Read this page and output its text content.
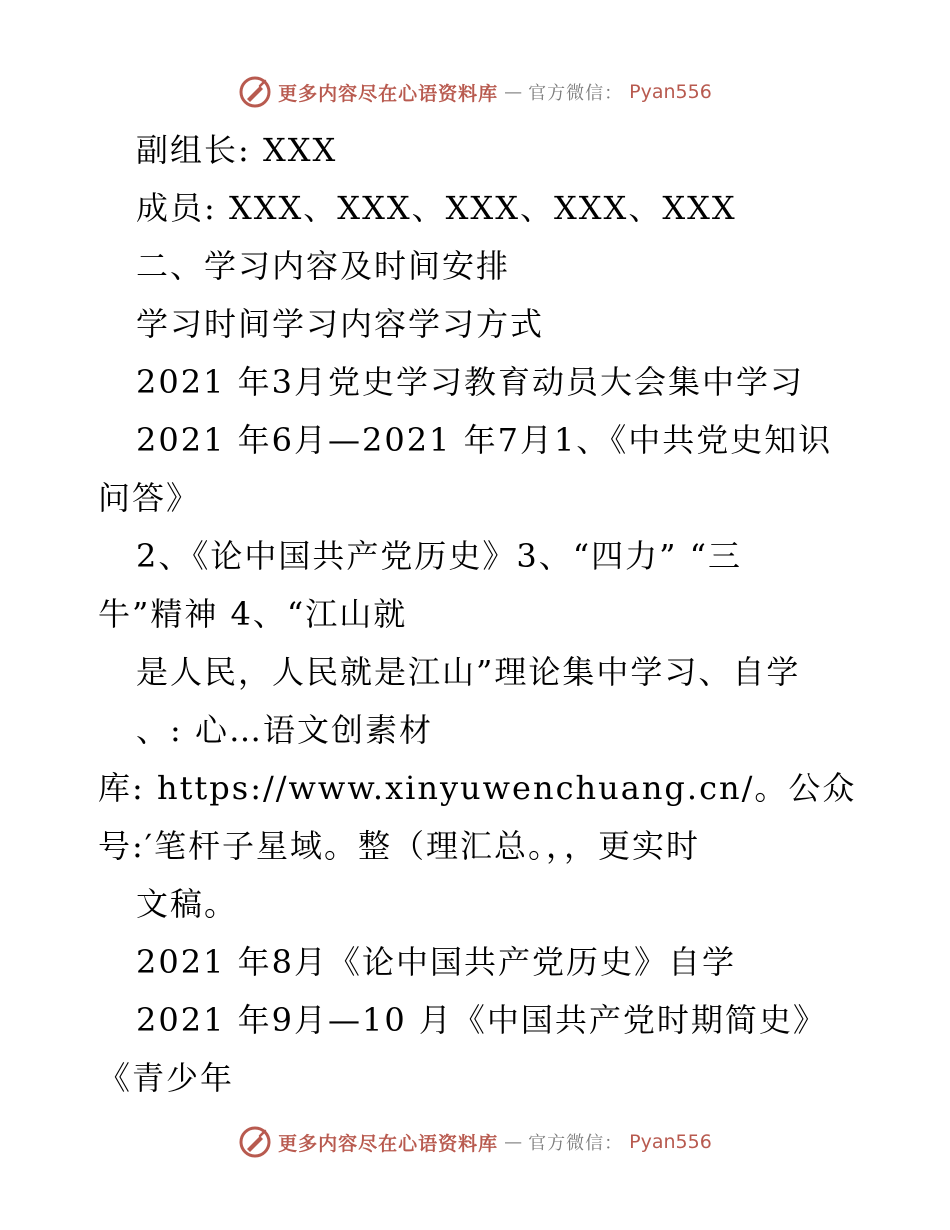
更多内容尽在心语资料库 — 官方微信： Pyan556
副组长: XXX
成员: XXX、XXX、XXX、XXX、XXX
二、学习内容及时间安排
学习时间学习内容学习方式
2021 年3月党史学习教育动员大会集中学习
2021 年6月—2021 年7月1、《中共党史知识
问答》
2、《论中国共产党历史》3、“四力” “三
牛”精神 4、“江山就
是人民，人民就是江山”理论集中学习、自学
、: 心…语文创素材
库: https://www.xinyuwenchuang.cn/。公众
号:′笔杆子星域。整（理汇总。，，更实时
文稿。
2021 年8月《论中国共产党历史》自学
2021 年9月—10 月《中国共产党时期简史》
《青少年
更多内容尽在心语资料库 — 官方微信： Pyan556
